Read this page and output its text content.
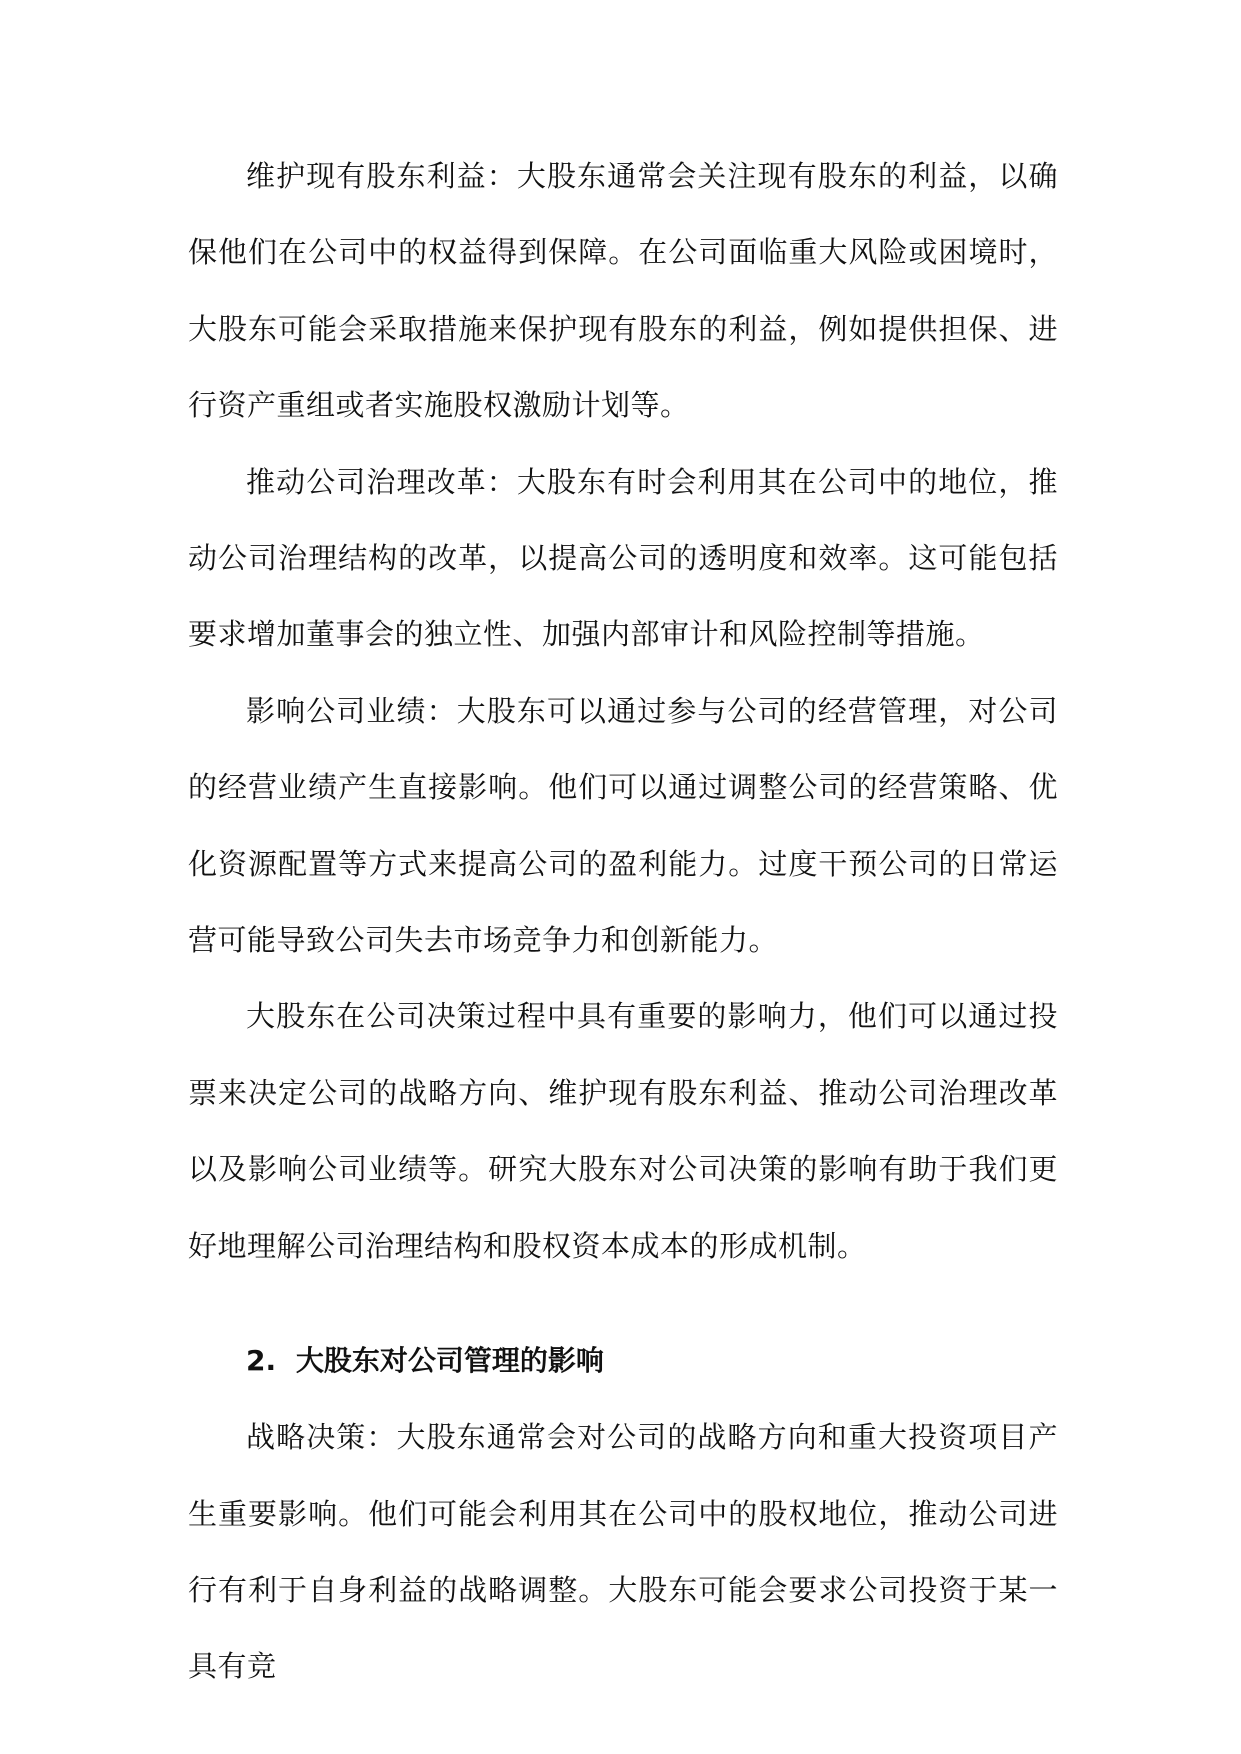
维护现有股东利益：大股东通常会关注现有股东的利益，以确保他们在公司中的权益得到保障。在公司面临重大风险或困境时，大股东可能会采取措施来保护现有股东的利益，例如提供担保、进行资产重组或者实施股权激励计划等。

推动公司治理改革：大股东有时会利用其在公司中的地位，推动公司治理结构的改革，以提高公司的透明度和效率。这可能包括要求增加董事会的独立性、加强内部审计和风险控制等措施。

影响公司业绩：大股东可以通过参与公司的经营管理，对公司的经营业绩产生直接影响。他们可以通过调整公司的经营策略、优化资源配置等方式来提高公司的盈利能力。过度干预公司的日常运营可能导致公司失去市场竞争力和创新能力。

大股东在公司决策过程中具有重要的影响力，他们可以通过投票来决定公司的战略方向、维护现有股东利益、推动公司治理改革以及影响公司业绩等。研究大股东对公司决策的影响有助于我们更好地理解公司治理结构和股权资本成本的形成机制。

2. 大股东对公司管理的影响

战略决策：大股东通常会对公司的战略方向和重大投资项目产生重要影响。他们可能会利用其在公司中的股权地位，推动公司进行有利于自身利益的战略调整。大股东可能会要求公司投资于某一具有竞
